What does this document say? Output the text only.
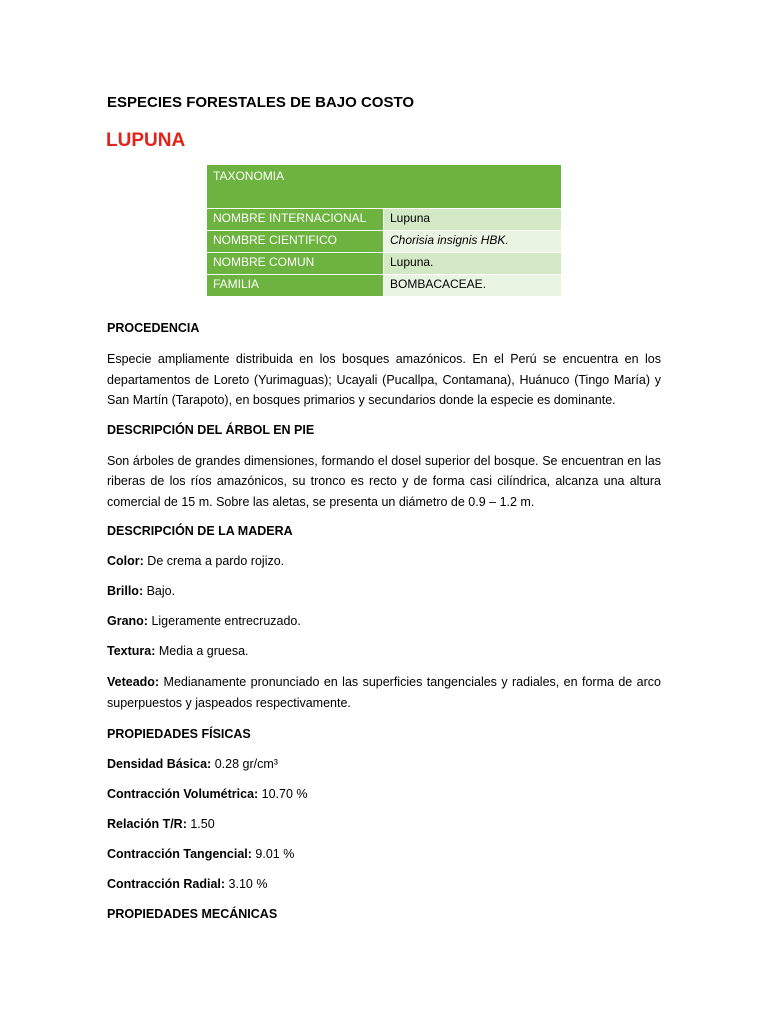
ESPECIES FORESTALES DE BAJO COSTO
LUPUNA
TAXONOMIA	
NOMBRE INTERNACIONAL	Lupuna
NOMBRE CIENTIFICO	Chorisia insignis HBK.
NOMBRE COMUN	Lupuna.
FAMILIA	BOMBACACEAE.
PROCEDENCIA
Especie ampliamente distribuida en los bosques amazónicos. En el Perú se encuentra en los departamentos de Loreto (Yurimaguas); Ucayali (Pucallpa, Contamana), Huánuco (Tingo María) y San Martín (Tarapoto), en bosques primarios y secundarios donde la especie es dominante.
DESCRIPCIÓN DEL ÁRBOL EN PIE
Son árboles de grandes dimensiones, formando el dosel superior del bosque. Se encuentran en las riberas de los ríos amazónicos, su tronco es recto y de forma casi cilíndrica, alcanza una altura comercial de 15 m. Sobre las aletas, se presenta un diámetro de 0.9 – 1.2 m.
DESCRIPCIÓN DE LA MADERA
Color: De crema a pardo rojizo.
Brillo: Bajo.
Grano: Ligeramente entrecruzado.
Textura: Media a gruesa.
Veteado: Medianamente pronunciado en las superficies tangenciales y radiales, en forma de arco superpuestos y jaspeados respectivamente.
PROPIEDADES FÍSICAS
Densidad Básica: 0.28 gr/cm³
Contracción Volumétrica: 10.70 %
Relación T/R: 1.50
Contracción Tangencial: 9.01 %
Contracción Radial: 3.10 %
PROPIEDADES MECÁNICAS
